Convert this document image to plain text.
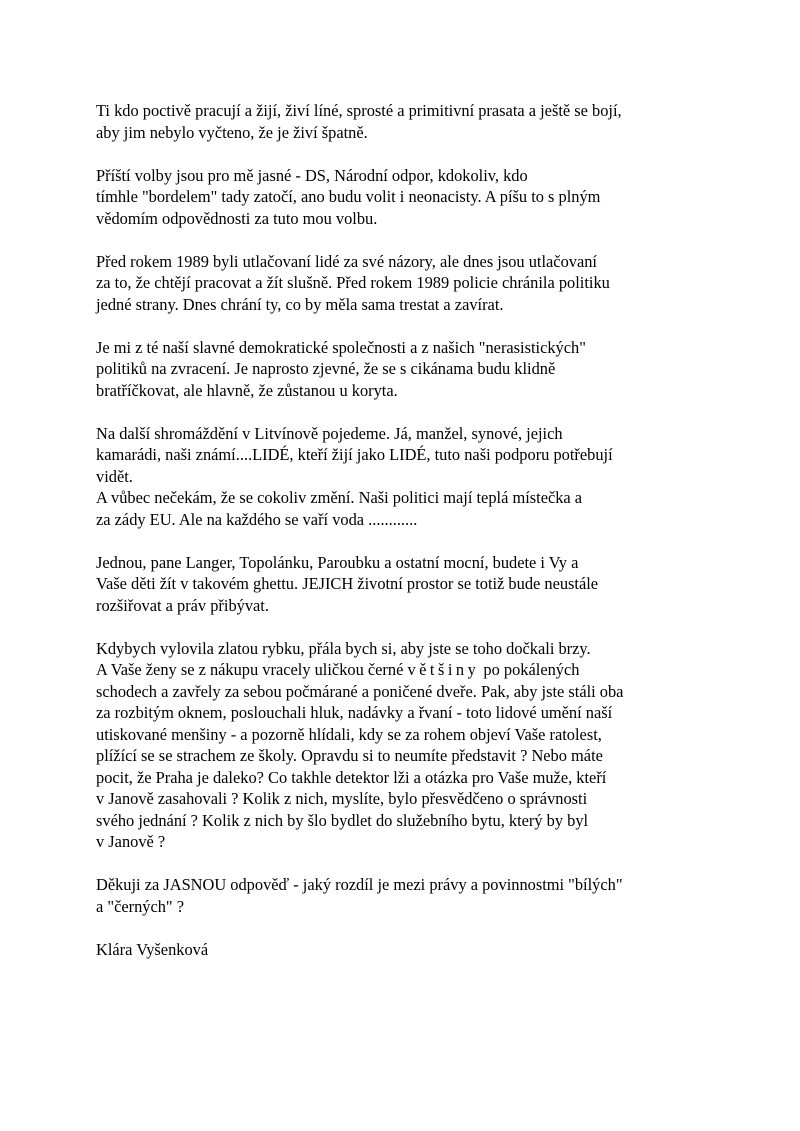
Ti kdo poctivě pracují a žijí, živí líné, sprosté a primitivní prasata a ještě se bojí,
aby jim nebylo vyčteno, že je živí špatně.

Příští volby jsou pro mě jasné - DS, Národní odpor, kdokoliv, kdo
tímhle "bordelem" tady zatočí, ano budu volit i neonacisty. A píšu to s plným
vědomím odpovědnosti za tuto mou volbu.

Před rokem 1989 byli utlačovaní lidé za své názory, ale dnes jsou utlačovaní
za to, že chtějí pracovat a žít slušně. Před rokem 1989 policie chránila politiku
jedné strany. Dnes chrání ty, co by měla sama trestat a zavírat.

Je mi z té naší slavné demokratické společnosti a z našich "nerasistických"
politiků na zvracení. Je naprosto zjevné, že se s cikánama budu klidně
bratříčkovat, ale hlavně, že zůstanou u koryta.

Na další shromáždění v Litvínově pojedeme. Já, manžel, synové, jejich
kamarádi, naši známí....LIDÉ, kteří žijí jako LIDÉ, tuto naši podporu potřebují
vidět.
A vůbec nečekám, že se cokoliv změní. Naši politici mají teplá místečka a
za zády EU. Ale na každého se vaří voda ............

Jednou, pane Langer, Topolánku, Paroubku a ostatní mocní, budete i Vy a
Vaše děti žít v takovém ghettu. JEJICH životní prostor se totiž bude neustále
rozšiřovat a práv přibývat.

Kdybych vylovila zlatou rybku, přála bych si, aby jste se toho dočkali brzy.
A Vaše ženy se z nákupu vracely uličkou černé většiny po pokálených
schodech a zavřely za sebou počmárané a poničené dveře. Pak, aby jste stáli oba
za rozbitým oknem, poslouchali hluk, nadávky a řvaní - toto lidové umění naší
utiskované menšiny - a pozorně hlídali, kdy se za rohem objeví Vaše ratolest,
plížící se se strachem ze školy. Opravdu si to neumíte představit ? Nebo máte
pocit, že Praha je daleko? Co takhle detektor lži a otázka pro Vaše muže, kteří
v Janově zasahovali ? Kolik z nich, myslíte, bylo přesvědčeno o správnosti
svého jednání ? Kolik z nich by šlo bydlet do služebního bytu, který by byl
v Janově ?

Děkuji za JASNOU odpověď - jaký rozdíl je mezi právy a povinnostmi "bílých"
a "černých" ?

Klára Vyšenková
